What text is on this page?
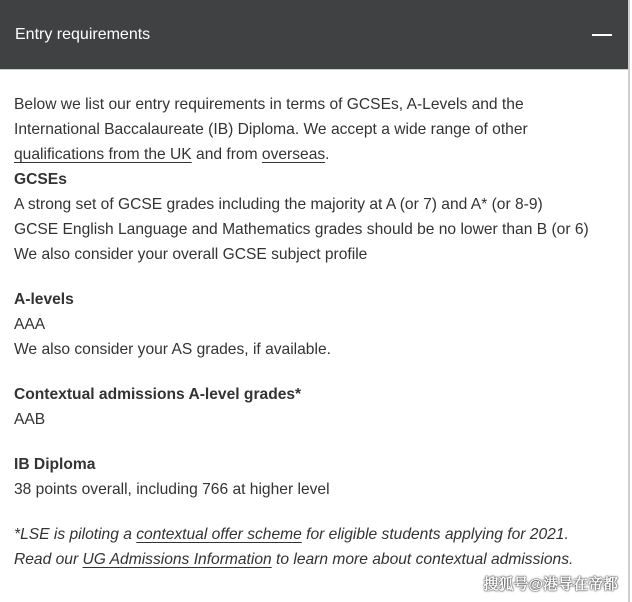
Entry requirements

Below we list our entry requirements in terms of GCSEs, A-Levels and the International Baccalaureate (IB) Diploma. We accept a wide range of other qualifications from the UK and from overseas.

GCSEs

A strong set of GCSE grades including the majority at A (or 7) and A* (or 8-9)

GCSE English Language and Mathematics grades should be no lower than B (or 6)

We also consider your overall GCSE subject profile

A-levels

AAA

We also consider your AS grades, if available.

Contextual admissions A-level grades*

AAB

IB Diploma

38 points overall, including 766 at higher level

*LSE is piloting a contextual offer scheme for eligible students applying for 2021.

Read our UG Admissions Information to learn more about contextual admissions.

搜狐号@港导在帝都
